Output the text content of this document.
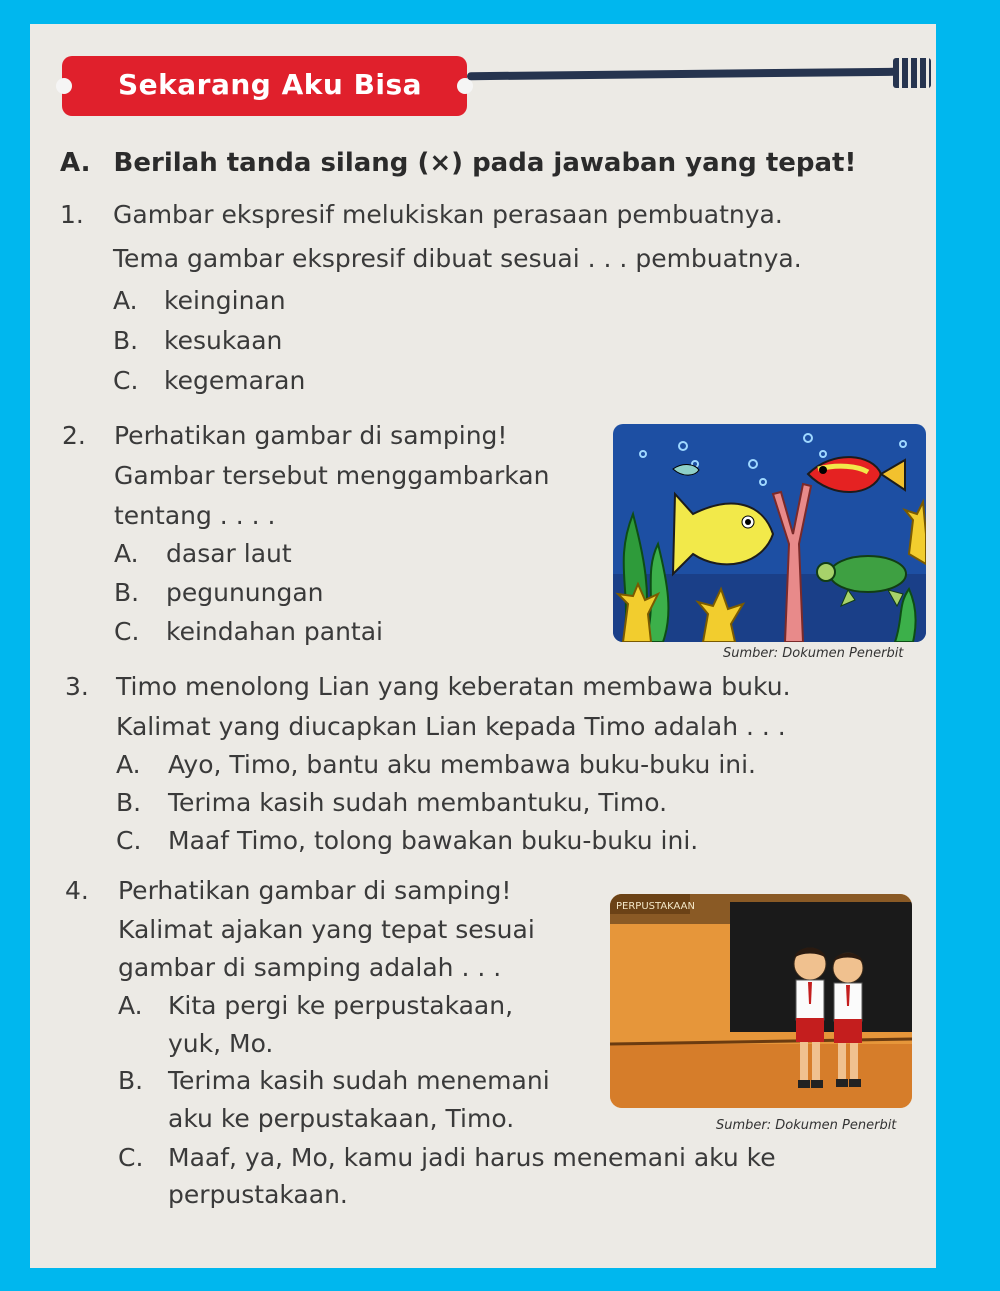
Sekarang Aku Bisa
A. Berilah tanda silang (×) pada jawaban yang tepat!
1. Gambar ekspresif melukiskan perasaan pembuatnya.
Tema gambar ekspresif dibuat sesuai . . . pembuatnya.
A. keinginan
B. kesukaan
C. kegemaran
2. Perhatikan gambar di samping!
Gambar tersebut menggambarkan
tentang . . . .
A. dasar laut
B. pegunungan
C. keindahan pantai
Sumber: Dokumen Penerbit
3. Timo menolong Lian yang keberatan membawa buku.
Kalimat yang diucapkan Lian kepada Timo adalah . . .
A. Ayo, Timo, bantu aku membawa buku-buku ini.
B. Terima kasih sudah membantuku, Timo.
C. Maaf Timo, tolong bawakan buku-buku ini.
4. Perhatikan gambar di samping!
Kalimat ajakan yang tepat sesuai
gambar di samping adalah . . .
A. Kita pergi ke perpustakaan,
yuk, Mo.
B. Terima kasih sudah menemani
aku ke perpustakaan, Timo.
C. Maaf, ya, Mo, kamu jadi harus menemani aku ke
perpustakaan.
PERPUSTAKAAN
Sumber: Dokumen Penerbit
